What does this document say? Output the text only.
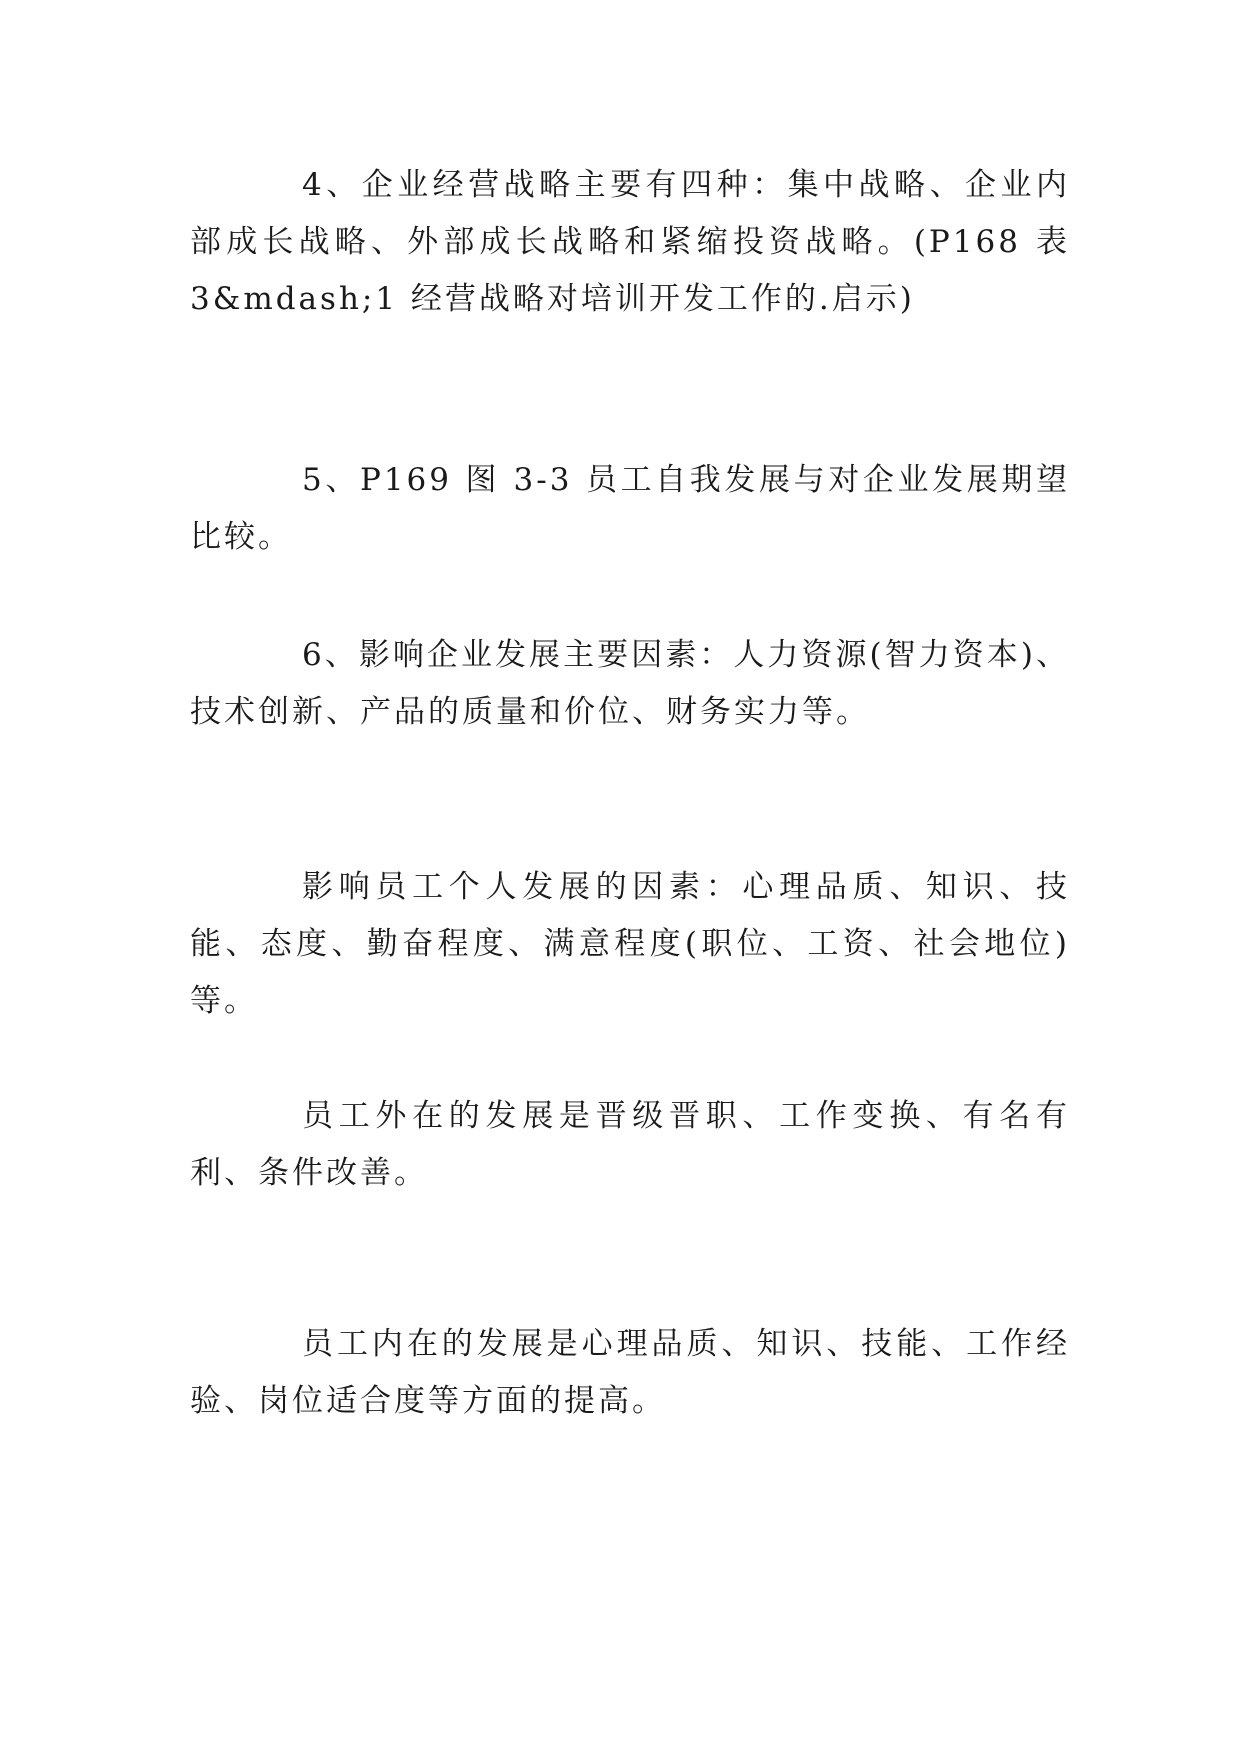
4、企业经营战略主要有四种：集中战略、企业内部成长战略、外部成长战略和紧缩投资战略。(P168 表3&mdash;1 经营战略对培训开发工作的.启示)

5、P169 图 3-3 员工自我发展与对企业发展期望比较。

6、影响企业发展主要因素：人力资源(智力资本)、技术创新、产品的质量和价位、财务实力等。

影响员工个人发展的因素：心理品质、知识、技能、态度、勤奋程度、满意程度(职位、工资、社会地位)等。

员工外在的发展是晋级晋职、工作变换、有名有利、条件改善。

员工内在的发展是心理品质、知识、技能、工作经验、岗位适合度等方面的提高。
